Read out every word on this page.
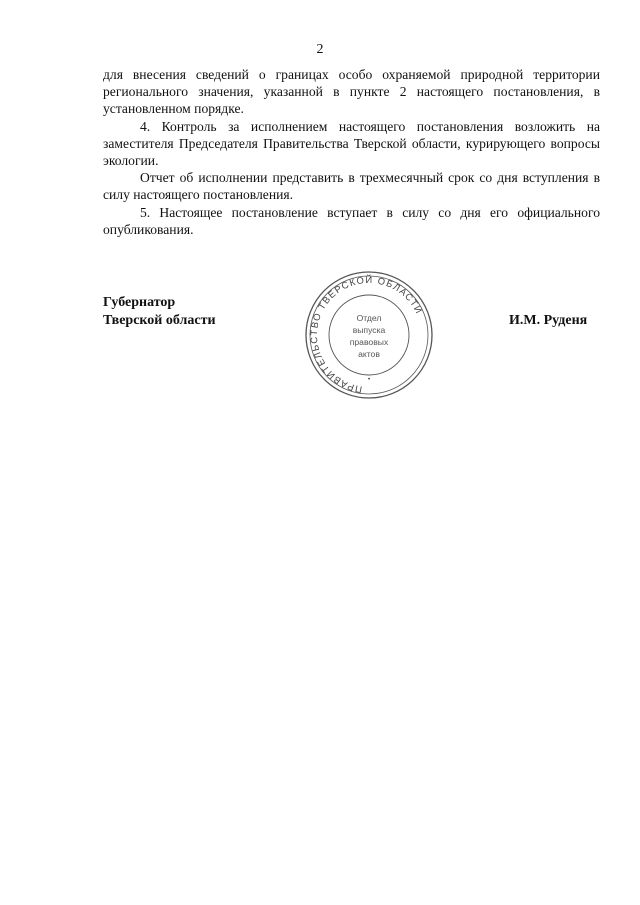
2

для внесения сведений о границах особо охраняемой природной территории регионального значения, указанной в пункте 2 настоящего постановления, в установленном порядке.

4. Контроль за исполнением настоящего постановления возложить на заместителя Председателя Правительства Тверской области, курирующего вопросы экологии.

Отчет об исполнении представить в трехмесячный срок со дня вступления в силу настоящего постановления.

5. Настоящее постановление вступает в силу со дня его официального опубликования.

Губернатор
Тверской области
ПРАВИТЕЛЬСТВО ТВЕРСКОЙ ОБЛАСТИ
•
Отдел
выпуска
правовых
актов
И.М. Руденя
